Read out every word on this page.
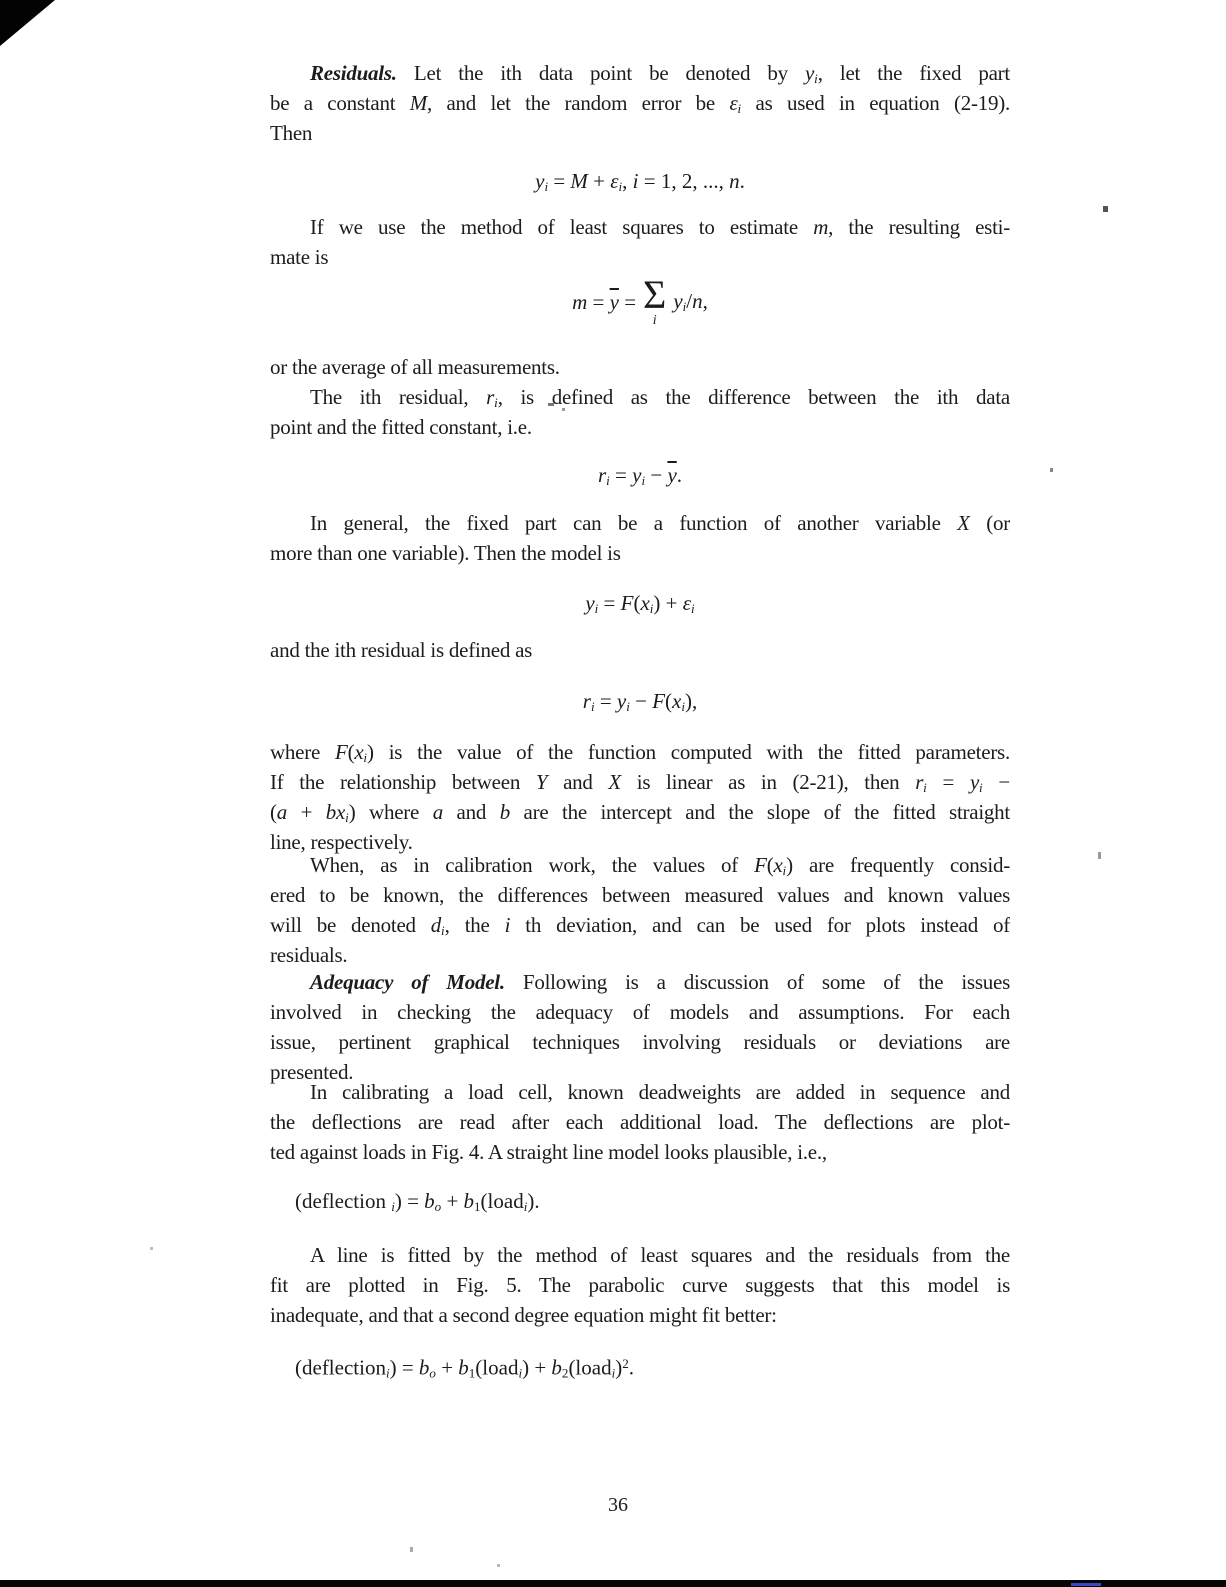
Residuals. Let the ith data point be denoted by $y_i$, let the fixed part
be a constant M, and let the random error be $\varepsilon_i$ as used in equation (2-19).
Then
$y_i = M + \varepsilon_i$, i = 1, 2, ..., n.
If we use the method of least squares to estimate m, the resulting esti-
mate is
$m = \overline{y} = \Sigma$
i
$y_i/n$,
or the average of all measurements.
The ith residual, $r_i$, is defined as the difference between the ith data
point and the fitted constant, i.e.
$r_i = y_i - \overline{y}$.
In general, the fixed part can be a function of another variable X (or
more than one variable). Then the model is
$y_i = F(x_i) + \varepsilon_i$
and the ith residual is defined as
$r_i = y_i - F(x_i)$,
where $F(x_i)$ is the value of the function computed with the fitted parameters.
If the relationship between Y and X is linear as in (2-21), then $r_i = y_i$ −
$(a + bx_i)$ where a and b are the intercept and the slope of the fitted straight
line, respectively.
When, as in calibration work, the values of $F(x_i)$ are frequently consid-
ered to be known, the differences between measured values and known values
will be denoted $d_i$, the i th deviation, and can be used for plots instead of
residuals.
Adequacy of Model. Following is a discussion of some of the issues
involved in checking the adequacy of models and assumptions. For each
issue, pertinent graphical techniques involving residuals or deviations are
presented.
In calibrating a load cell, known deadweights are added in sequence and
the deflections are read after each additional load. The deflections are plot-
ted against loads in Fig. 4. A straight line model looks plausible, i.e.,
(deflection $_i) = b_o$ + $b_1(load_i)$.
A line is fitted by the method of least squares and the residuals from the
fit are plotted in Fig. 5. The parabolic curve suggests that this model is
inadequate, and that a second degree equation might fit better:
(deflection$_i$) = $b_o$ + $b_1(load_i)$ + $b_2(load_i)^2$.
36
